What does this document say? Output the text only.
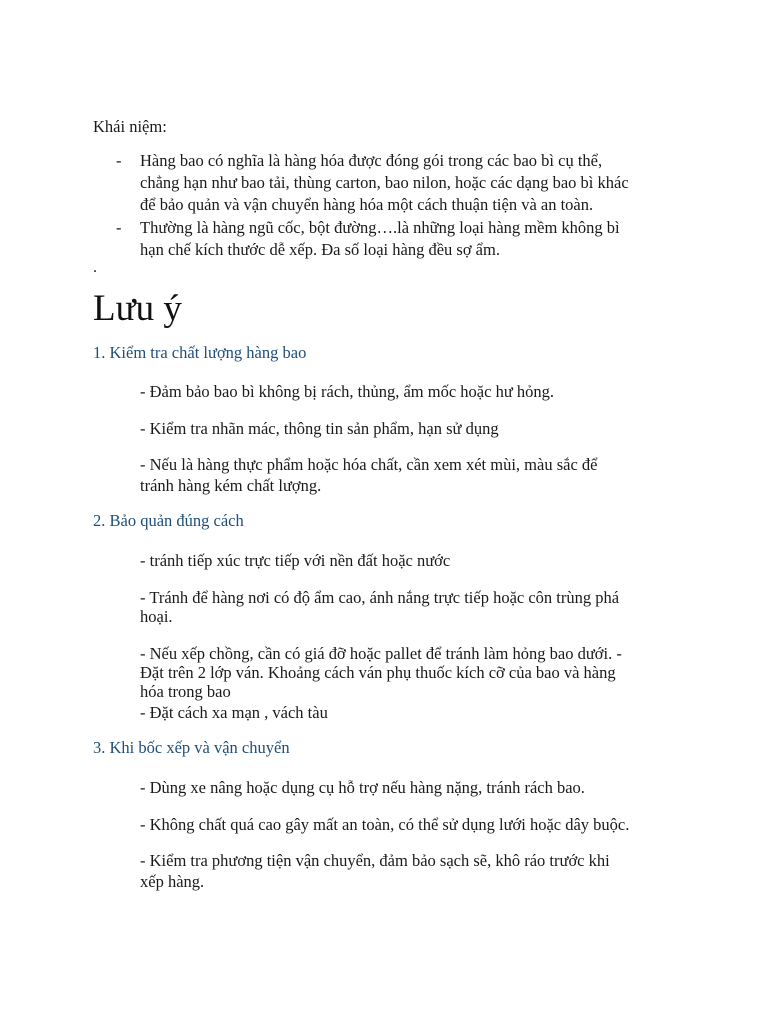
Khái niệm:

- Hàng bao có nghĩa là hàng hóa được đóng gói trong các bao bì cụ thể,

chẳng hạn như bao tải, thùng carton, bao nilon, hoặc các dạng bao bì khác

để bảo quản và vận chuyển hàng hóa một cách thuận tiện và an toàn.

- Thường là hàng ngũ cốc, bột đường….là những loại hàng mềm không bì

hạn chế kích thước dễ xếp. Đa số loại hàng đều sợ ẩm.

.
Lưu ý
1. Kiểm tra chất lượng hàng bao

- Đảm bảo bao bì không bị rách, thủng, ẩm mốc hoặc hư hỏng.

- Kiểm tra nhãn mác, thông tin sản phẩm, hạn sử dụng

- Nếu là hàng thực phẩm hoặc hóa chất, cần xem xét mùi, màu sắc để

tránh hàng kém chất lượng.

2. Bảo quản đúng cách

- tránh tiếp xúc trực tiếp với nền đất hoặc nước

- Tránh để hàng nơi có độ ẩm cao, ánh nắng trực tiếp hoặc côn trùng phá

hoại.

- Nếu xếp chồng, cần có giá đỡ hoặc pallet để tránh làm hỏng bao dưới. -

Đặt trên 2 lớp ván. Khoảng cách ván phụ thuốc kích cỡ của bao và hàng

hóa trong bao

- Đặt cách xa mạn , vách tàu

3. Khi bốc xếp và vận chuyển

- Dùng xe nâng hoặc dụng cụ hỗ trợ nếu hàng nặng, tránh rách bao.

- Không chất quá cao gây mất an toàn, có thể sử dụng lưới hoặc dây buộc.

- Kiểm tra phương tiện vận chuyển, đảm bảo sạch sẽ, khô ráo trước khi

xếp hàng.
